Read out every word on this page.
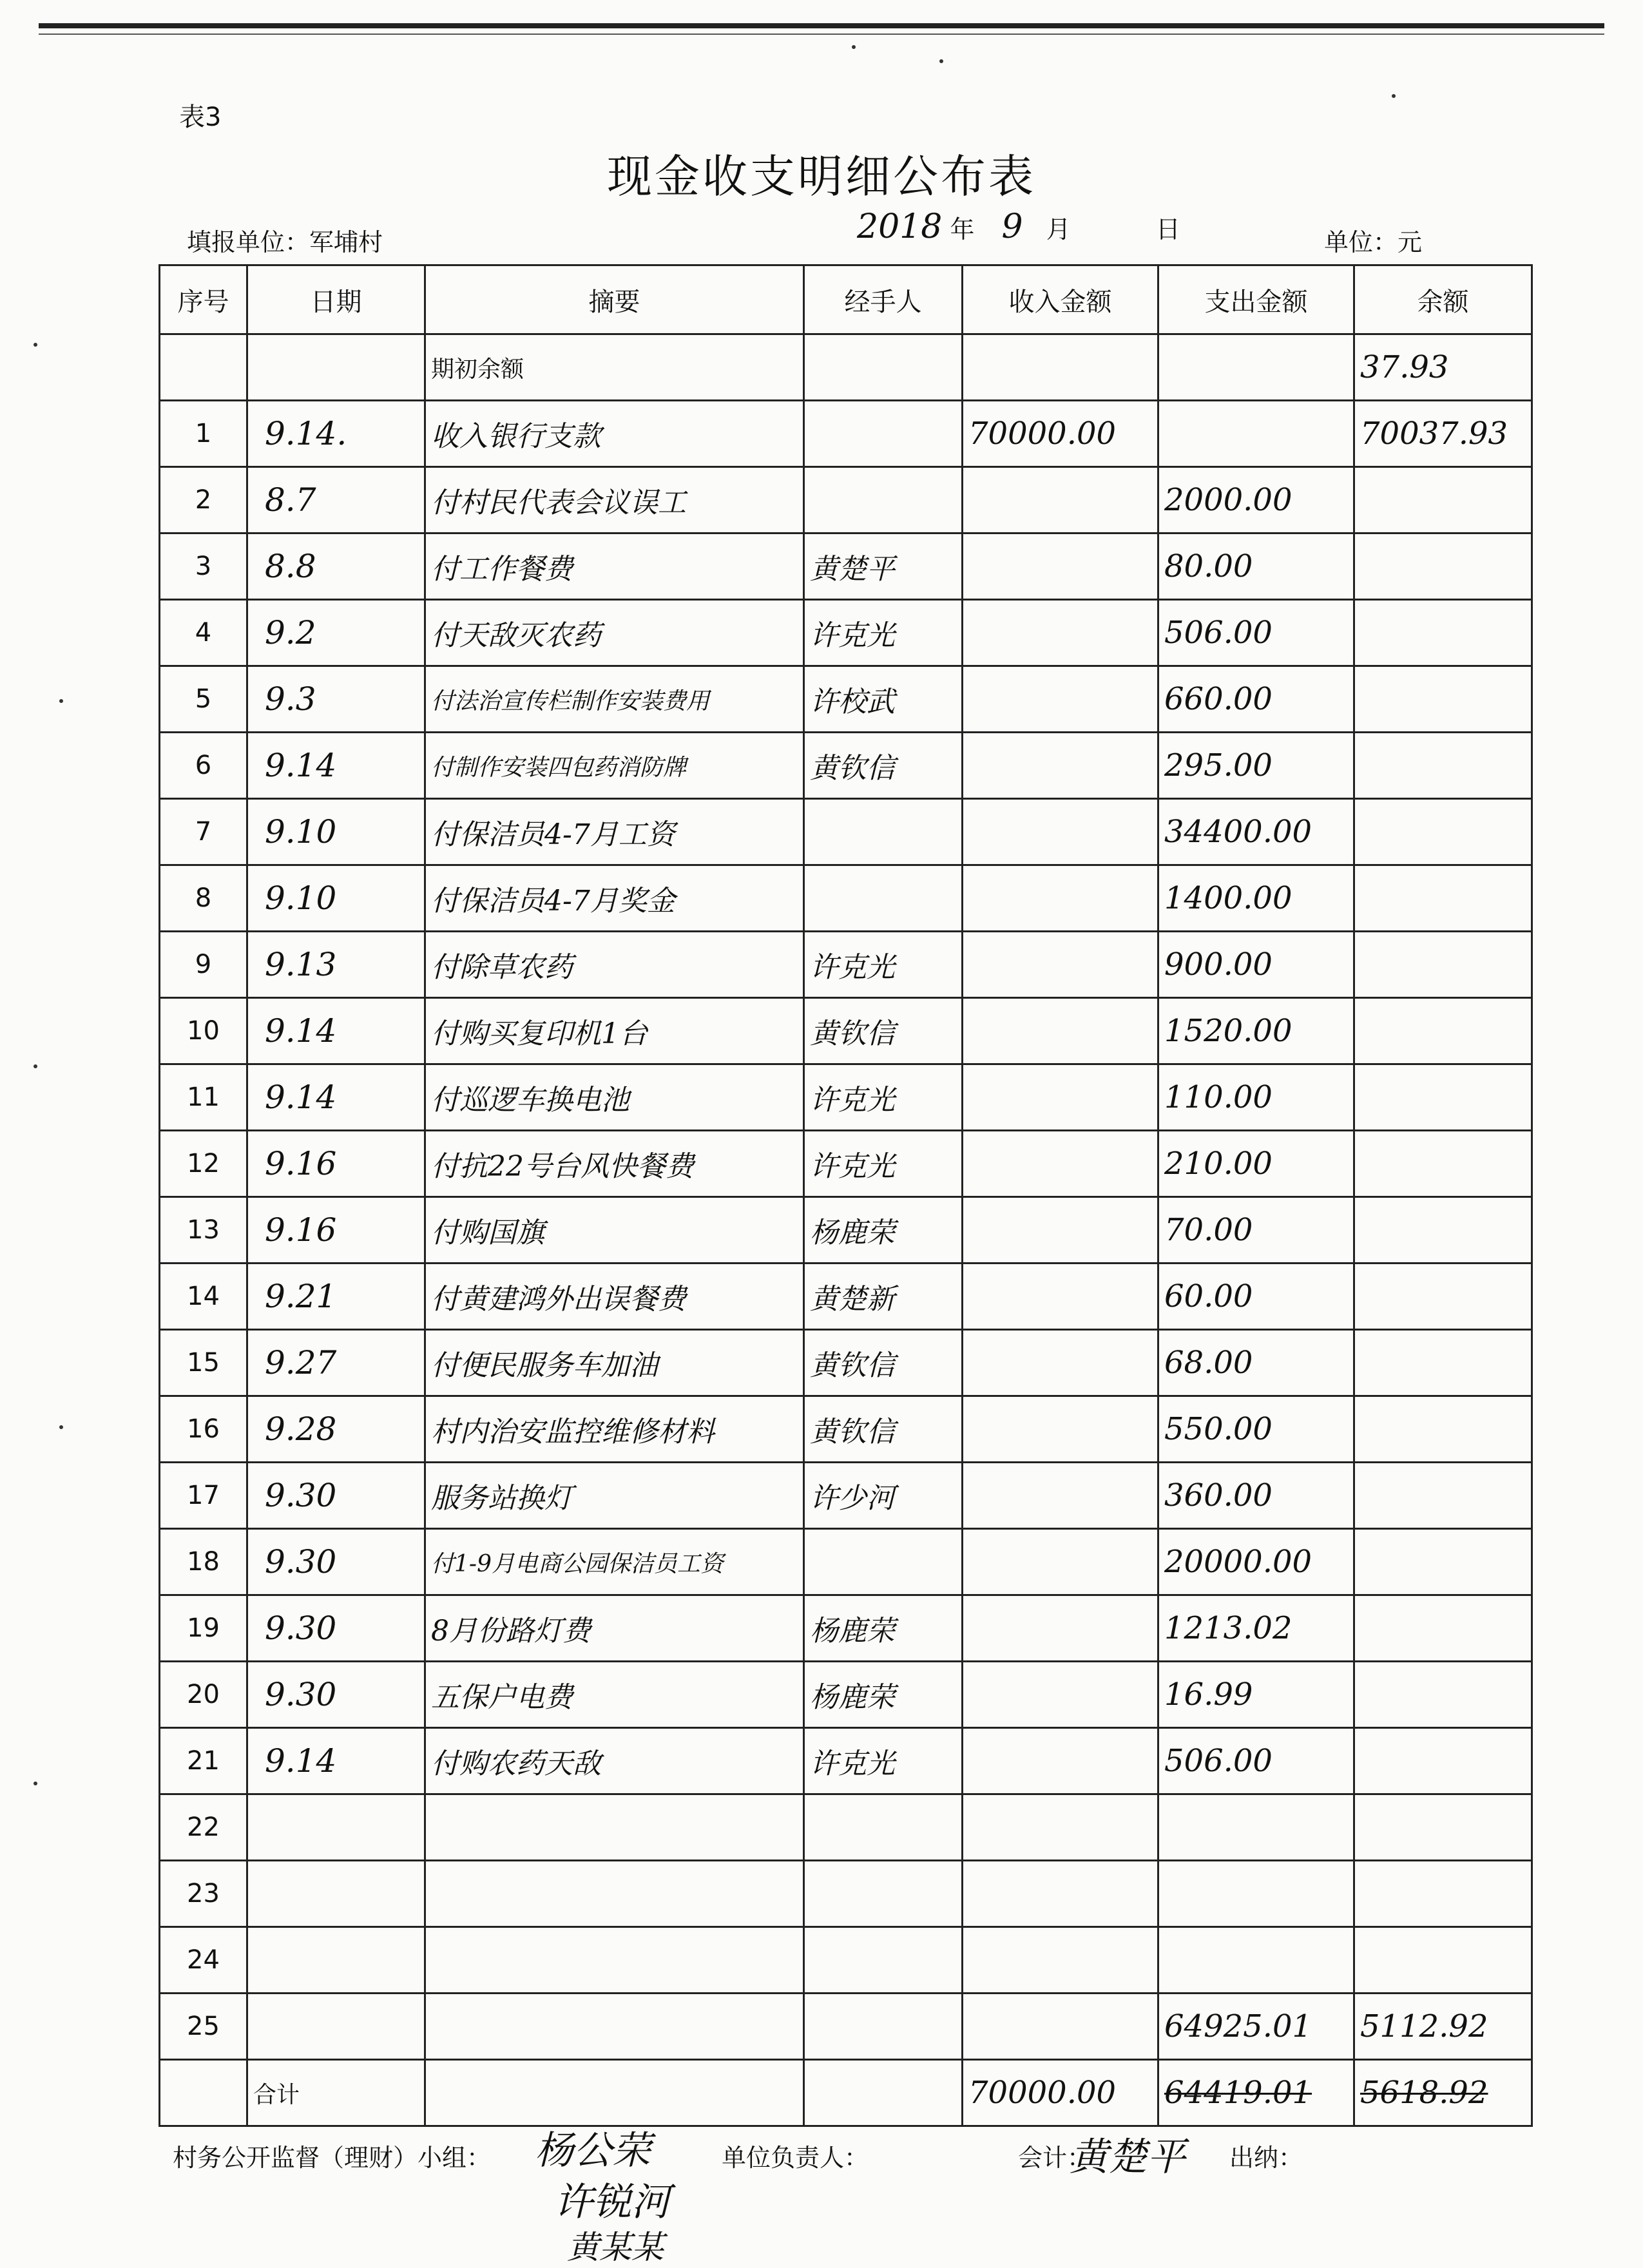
表3
现金收支明细公布表
填报单位：军埔村	2018 年 9 月	日	单位：元
序号	日期	摘要	经手人	收入金额	支出金额	余额
		期初余额				37.93
1	9.14.	收入银行支款		70000.00		70037.93
2	8.7	付村民代表会议误工			2000.00	
3	8.8	付工作餐费	黄楚平		80.00	
4	9.2	付天敌灭农药	许克光		506.00	
5	9.3	付法治宣传栏制作安装费用	许校武		660.00	
6	9.14	付制作安装四包药消防牌	黄钦信		295.00	
7	9.10	付保洁员4-7月工资			34400.00	
8	9.10	付保洁员4-7月奖金			1400.00	
9	9.13	付除草农药	许克光		900.00	
10	9.14	付购买复印机1台	黄钦信		1520.00	
11	9.14	付巡逻车换电池	许克光		110.00	
12	9.16	付抗22号台风快餐费	许克光		210.00	
13	9.16	付购国旗	杨鹿荣		70.00	
14	9.21	付黄建鸿外出误餐费	黄楚新		60.00	
15	9.27	付便民服务车加油	黄钦信		68.00	
16	9.28	村内治安监控维修材料	黄钦信		550.00	
17	9.30	服务站换灯	许少河		360.00	
18	9.30	付1-9月电商公园保洁员工资			20000.00	
19	9.30	8月份路灯费	杨鹿荣		1213.02	
20	9.30	五保户电费	杨鹿荣		16.99	
21	9.14	付购农药天敌	许克光		506.00	
22						
23						
24						
25					64925.01	5112.92
	合计			70000.00	64419.01	5618.92
村务公开监督（理财）小组： 杨公荣
许锐河
黄某某
单位负责人：	会计：
黄楚平 出纳：
